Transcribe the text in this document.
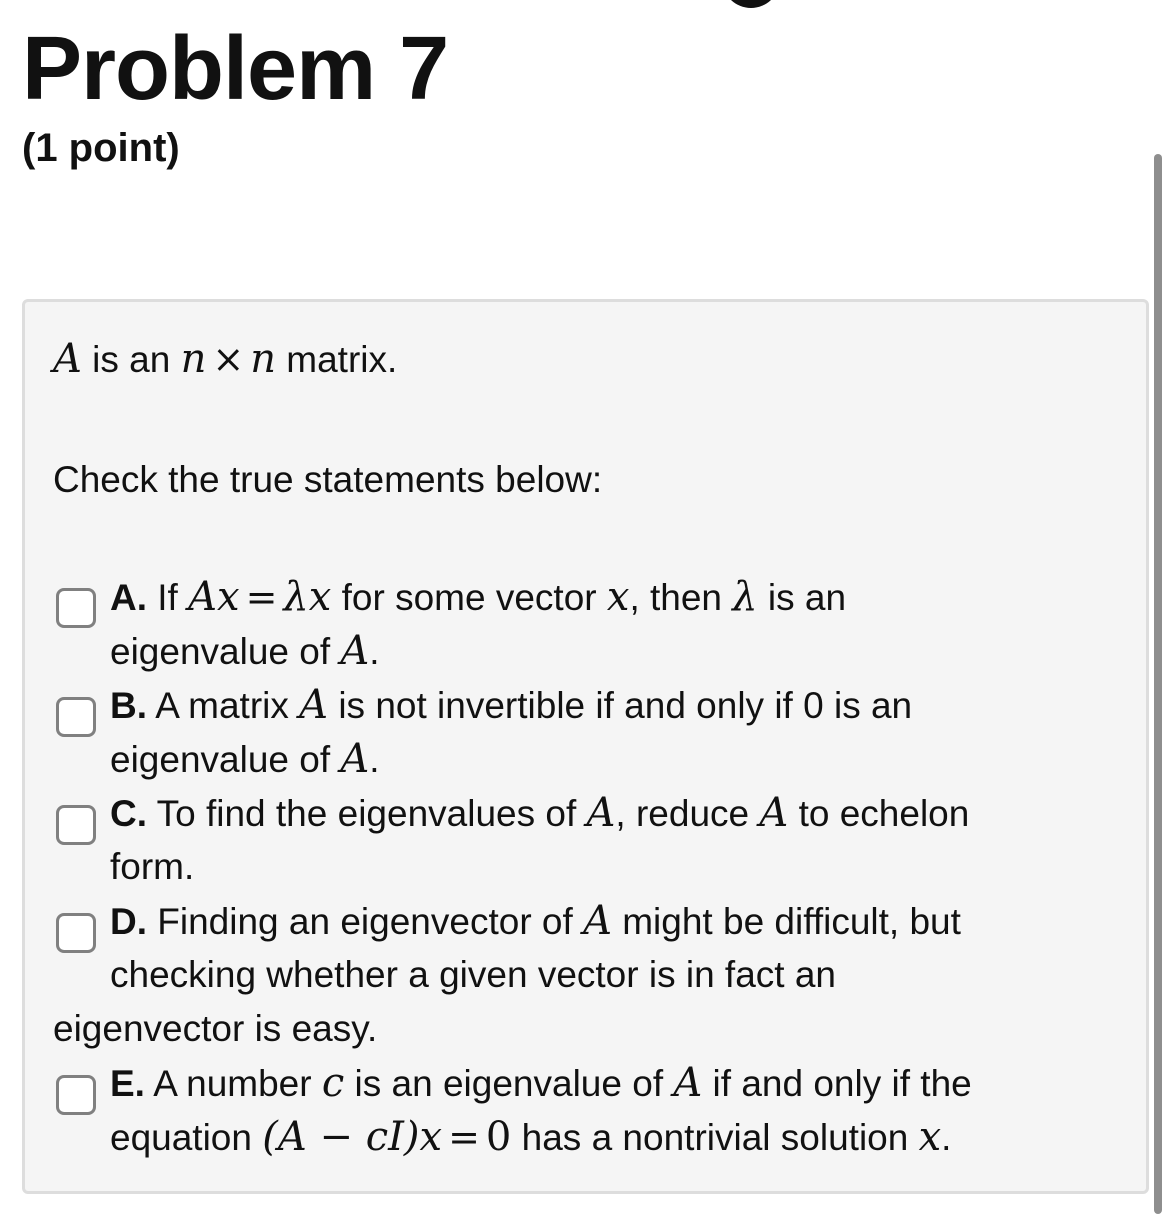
Problem 7
(1 point)
A is an n × n matrix.
Check the true statements below:
A. If Ax = λx for some vector x, then λ is an
eigenvalue of A.
B. A matrix A is not invertible if and only if 0 is an
eigenvalue of A.
C. To find the eigenvalues of A, reduce A to echelon
form.
D. Finding an eigenvector of A might be difficult, but
checking whether a given vector is in fact an
eigenvector is easy.
E. A number c is an eigenvalue of A if and only if the
equation (A − cI)x = 0 has a nontrivial solution x.
